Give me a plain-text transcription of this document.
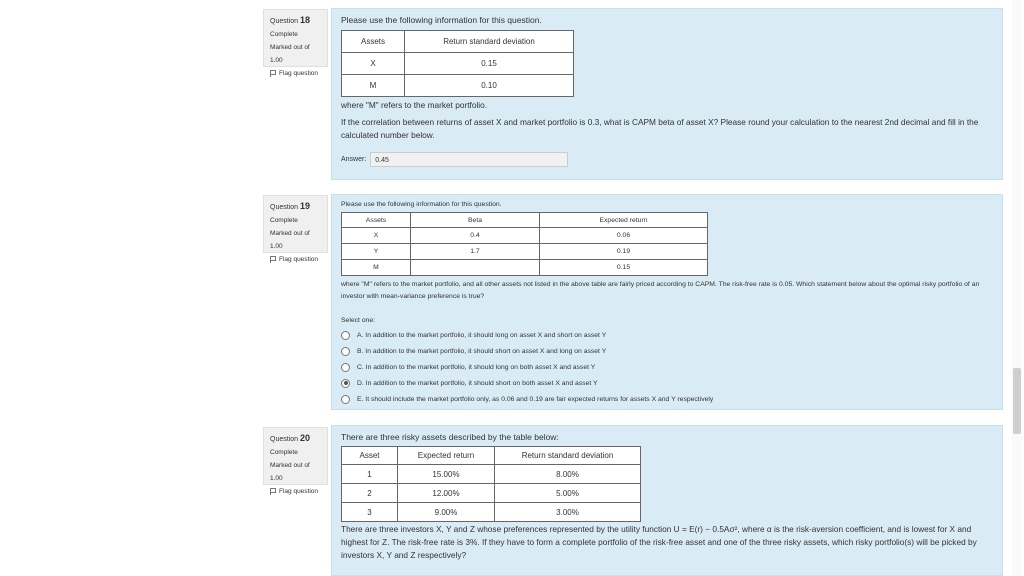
Question 18
Complete
Marked out of 1.00
Flag question

Please use the following information for this question.

Assets	Return standard deviation
X	0.15
M	0.10

where "M" refers to the market portfolio.

If the correlation between returns of asset X and market portfolio is 0.3, what is CAPM beta of asset X? Please round your calculation to the nearest 2nd decimal and fill in the calculated number below.

Answer:	0.45
Question 19
Complete
Marked out of 1.00
Flag question

Please use the following information for this question.

Assets	Beta	Expected return
X	0.4	0.06
Y	1.7	0.19
M		0.15

where "M" refers to the market portfolio, and all other assets not listed in the above table are fairly priced according to CAPM. The risk-free rate is 0.05. Which statement below about the optimal risky portfolio of an investor with mean-variance preference is true?

Select one:

A. In addition to the market portfolio, it should long on asset X and short on asset Y
B. In addition to the market portfolio, it should short on asset X and long on asset Y
C. In addition to the market portfolio, it should long on both asset X and asset Y
D. In addition to the market portfolio, it should short on both asset X and asset Y
E. It should include the market portfolio only, as 0.06 and 0.19 are fair expected returns for assets X and Y respectively
Question 20
Complete
Marked out of 1.00
Flag question

There are three risky assets described by the table below:

Asset	Expected return	Return standard deviation
1	15.00%	8.00%
2	12.00%	5.00%
3	9.00%	3.00%

There are three investors X, Y and Z whose preferences represented by the utility function U = E(r) − 0.5Aσ², where α is the risk-aversion coefficient, and is lowest for X and highest for Z. The risk-free rate is 3%. If they have to form a complete portfolio of the risk-free asset and one of the three risky assets, which risky portfolio(s) will be picked by investors X, Y and Z respectively?
